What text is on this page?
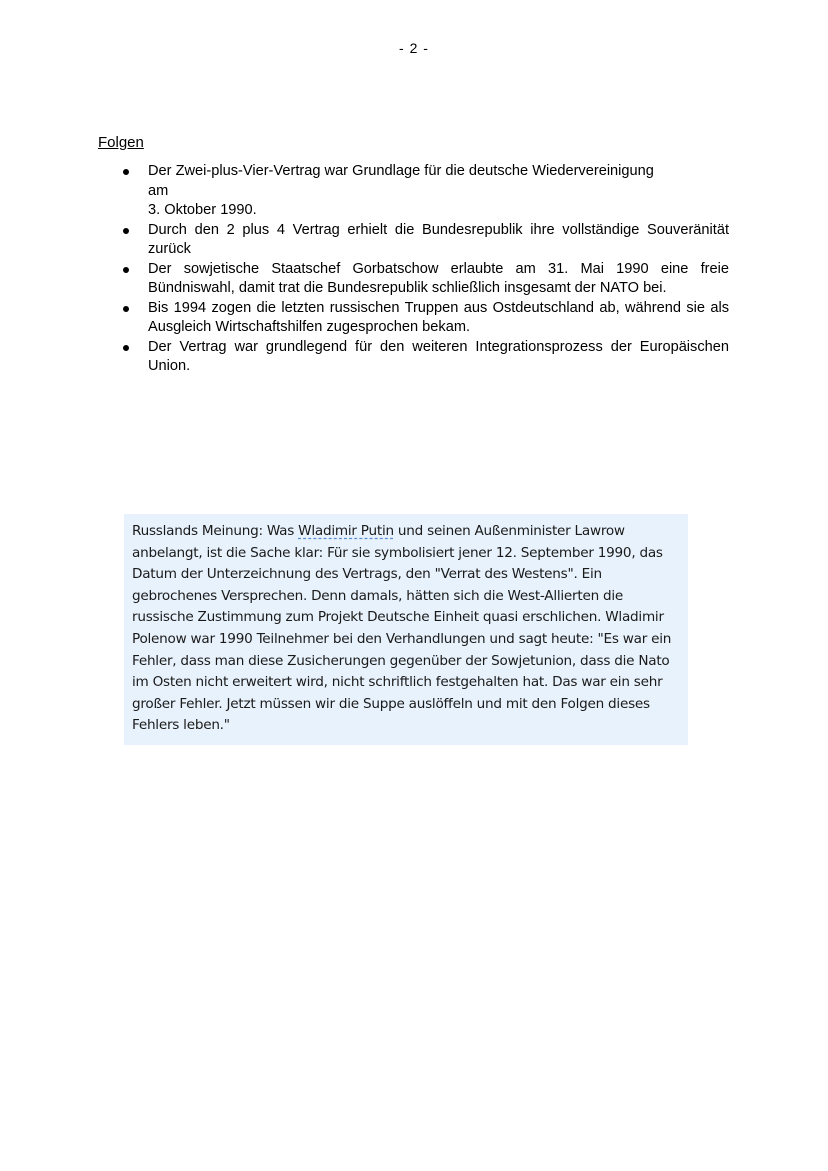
- 2 -
Folgen
Der Zwei-plus-Vier-Vertrag war Grundlage für die deutsche Wiedervereinigung
am
3. Oktober 1990.
Durch den 2 plus 4 Vertrag erhielt die Bundesrepublik ihre vollständige Souveränität zurück
Der sowjetische Staatschef Gorbatschow erlaubte am 31. Mai 1990 eine freie Bündniswahl, damit trat die Bundesrepublik schließlich insgesamt der NATO bei.
Bis 1994 zogen die letzten russischen Truppen aus Ostdeutschland ab, während sie als Ausgleich Wirtschaftshilfen zugesprochen bekam.
Der Vertrag war grundlegend für den weiteren Integrationsprozess der Europäischen Union.

Russlands Meinung: Was Wladimir Putin und seinen Außenminister Lawrow anbelangt, ist die Sache klar: Für sie symbolisiert jener 12. September 1990, das Datum der Unterzeichnung des Vertrags, den "Verrat des Westens". Ein gebrochenes Versprechen. Denn damals, hätten sich die West-Allierten die russische Zustimmung zum Projekt Deutsche Einheit quasi erschlichen. Wladimir Polenow war 1990 Teilnehmer bei den Verhandlungen und sagt heute: "Es war ein Fehler, dass man diese Zusicherungen gegenüber der Sowjetunion, dass die Nato im Osten nicht erweitert wird, nicht schriftlich festgehalten hat. Das war ein sehr großer Fehler. Jetzt müssen wir die Suppe auslöffeln und mit den Folgen dieses Fehlers leben."
